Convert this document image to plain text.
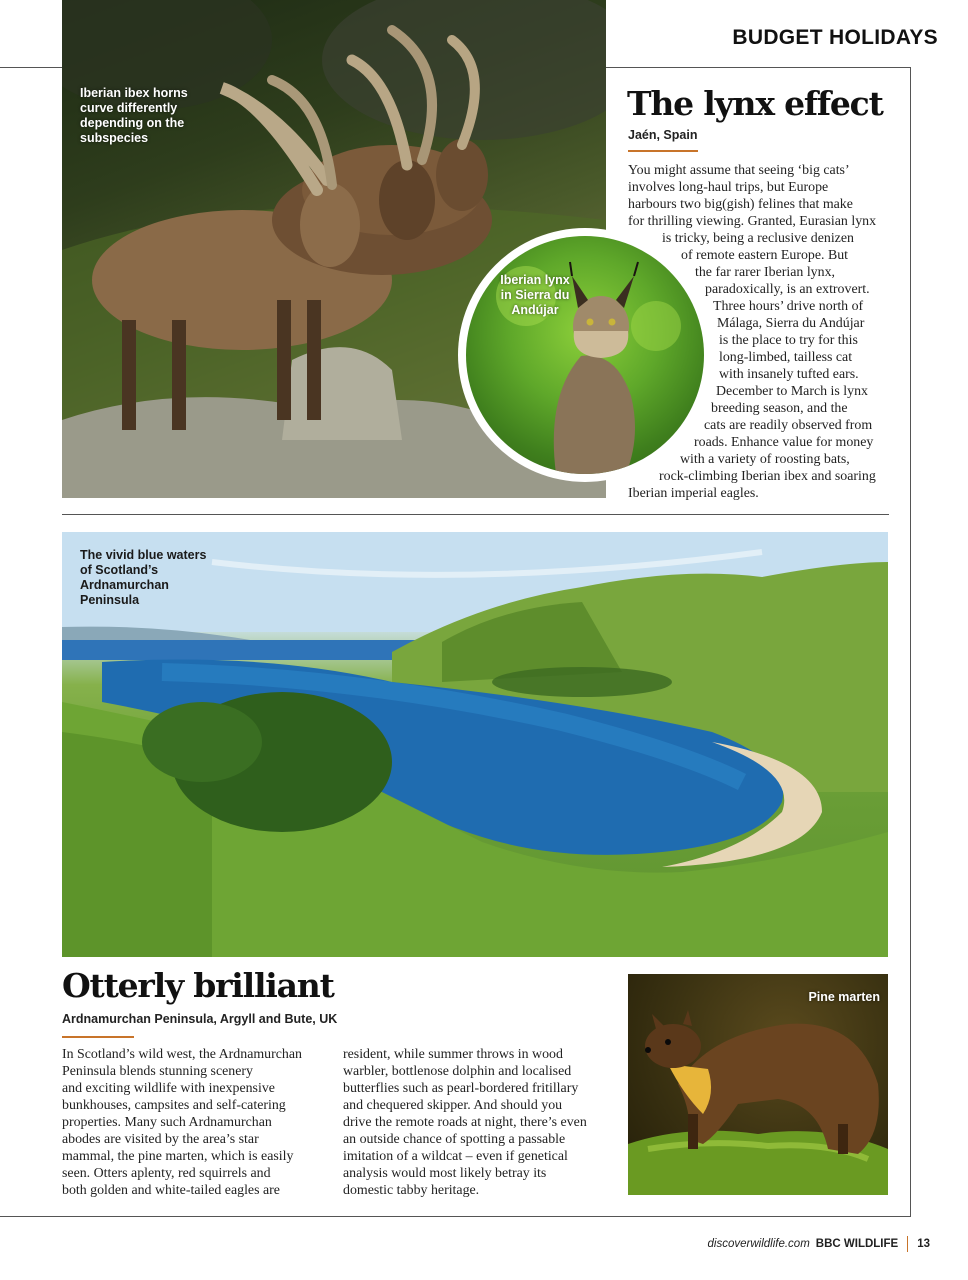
BUDGET HOLIDAYS
Iberian ibex horns curve differently depending on the subspecies
Iberian lynx in Sierra du Andújar
The lynx effect
Jaén, Spain
You might assume that seeing ‘big cats’
involves long-haul trips, but Europe
harbours two big(gish) felines that make
for thrilling viewing. Granted, Eurasian lynx
is tricky, being a reclusive denizen
of remote eastern Europe. But
the far rarer Iberian lynx,
paradoxically, is an extrovert.
Three hours’ drive north of
Málaga, Sierra du Andújar
is the place to try for this
long-limbed, tailless cat
with insanely tufted ears.
December to March is lynx
breeding season, and the
cats are readily observed from
roads. Enhance value for money
with a variety of roosting bats,
rock-climbing Iberian ibex and soaring
Iberian imperial eagles.
The vivid blue waters of Scotland’s Ardnamurchan Peninsula
Otterly brilliant
Ardnamurchan Peninsula, Argyll and Bute, UK
In Scotland’s wild west, the Ardnamurchan
Peninsula blends stunning scenery
and exciting wildlife with inexpensive
bunkhouses, campsites and self-catering
properties. Many such Ardnamurchan
abodes are visited by the area’s star
mammal, the pine marten, which is easily
seen. Otters aplenty, red squirrels and
both golden and white-tailed eagles are
resident, while summer throws in wood
warbler, bottlenose dolphin and localised
butterflies such as pearl-bordered fritillary
and chequered skipper. And should you
drive the remote roads at night, there’s even
an outside chance of spotting a passable
imitation of a wildcat – even if genetical
analysis would most likely betray its
domestic tabby heritage.
Pine marten
discoverwildlife.com BBC WILDLIFE 13
